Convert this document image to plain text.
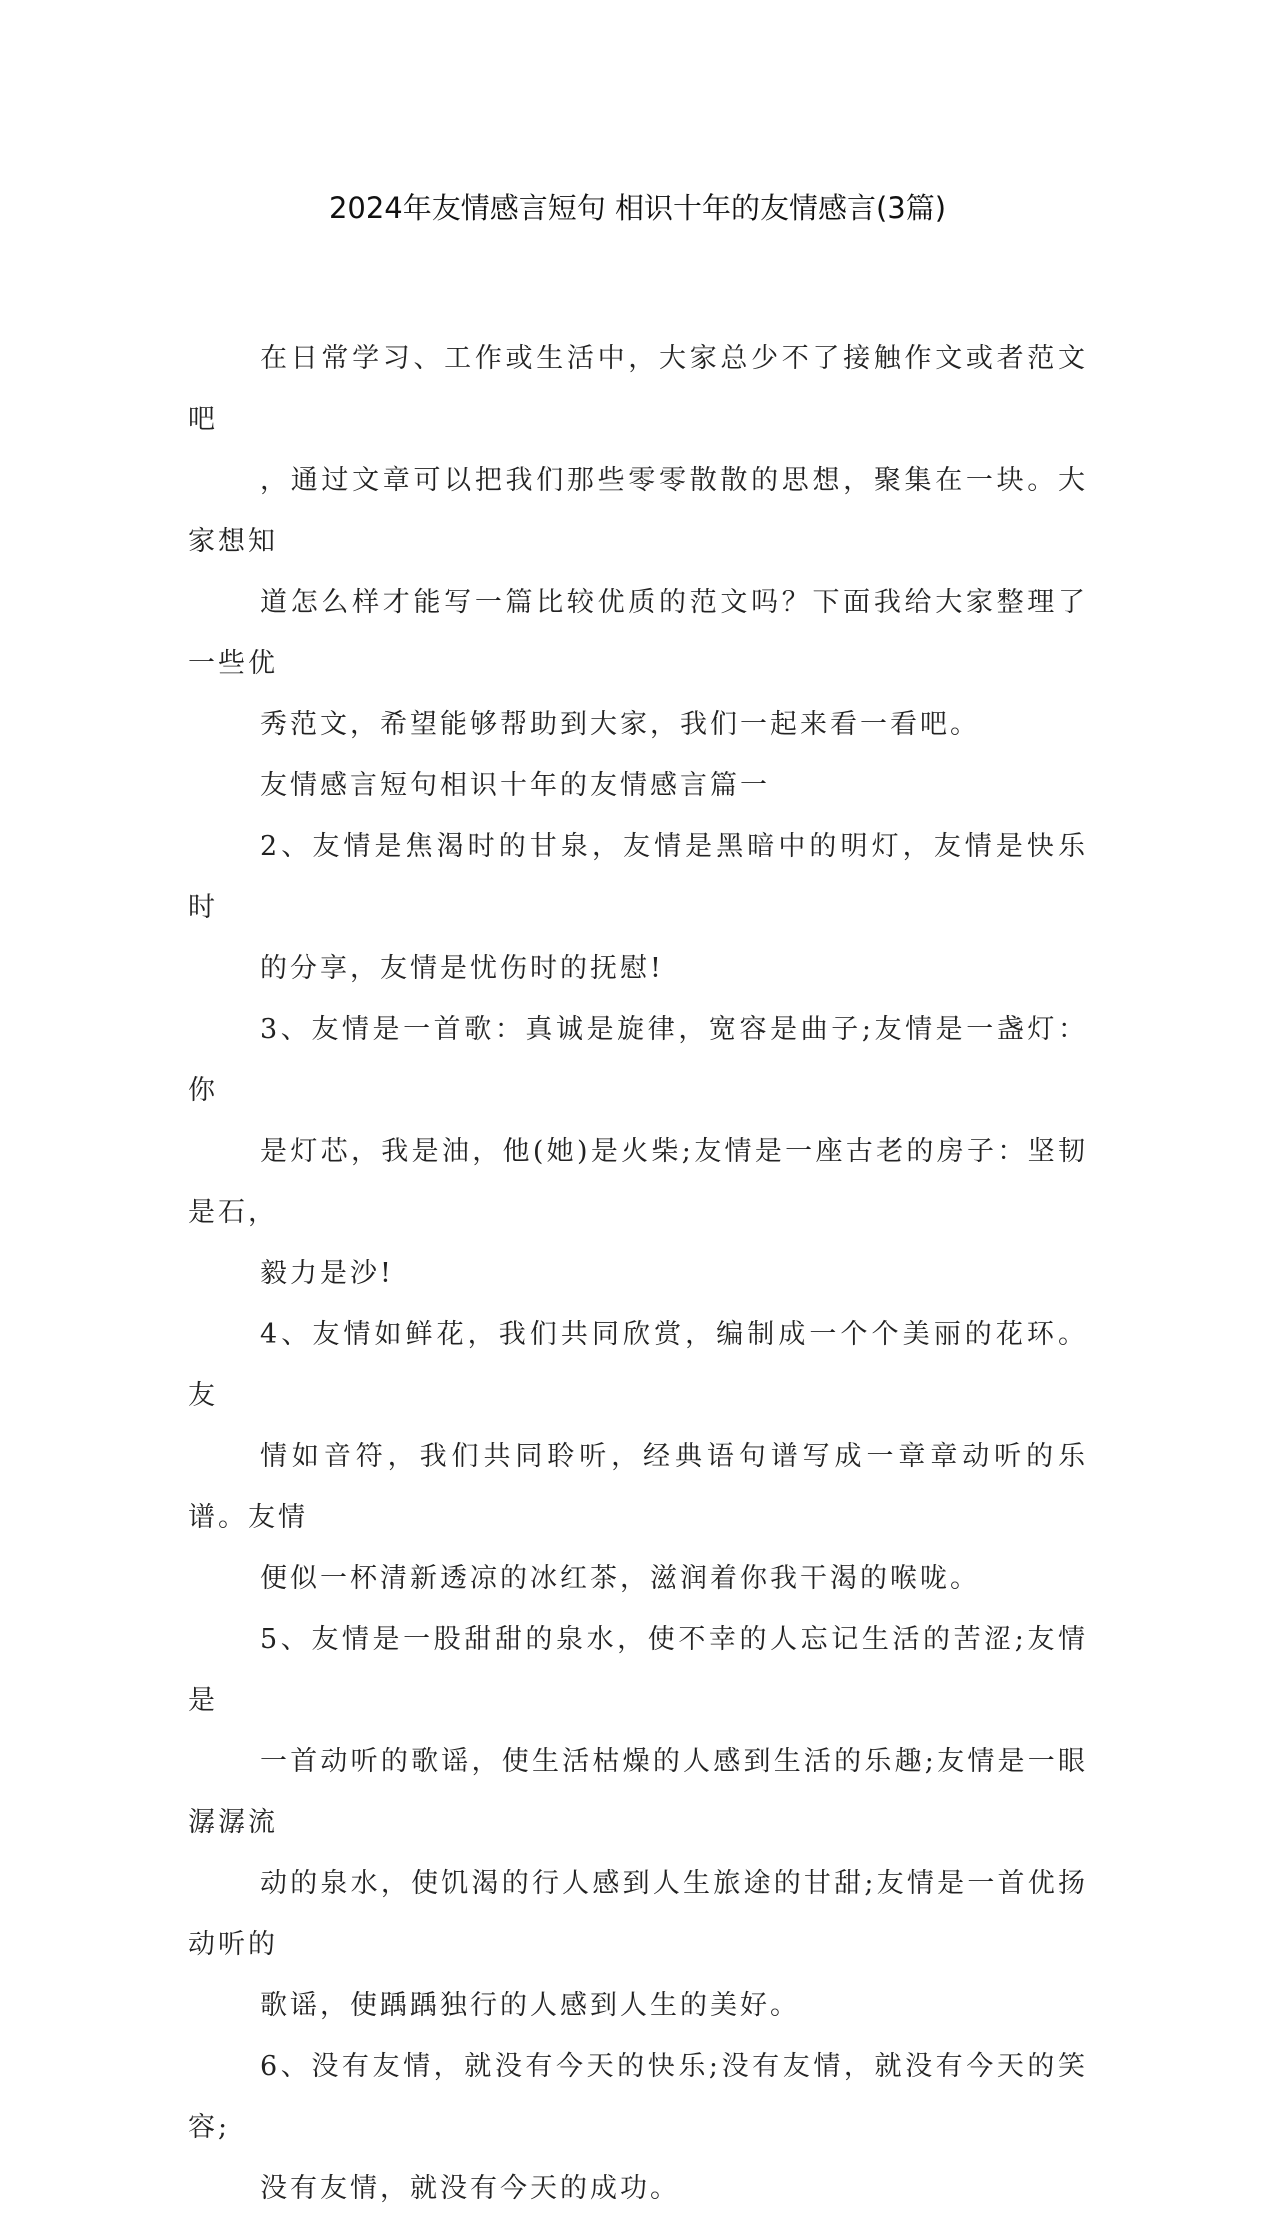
2024年友情感言短句 相识十年的友情感言(3篇)

在日常学习、工作或生活中，大家总少不了接触作文或者范文吧
，通过文章可以把我们那些零零散散的思想，聚集在一块。大家想知
道怎么样才能写一篇比较优质的范文吗？下面我给大家整理了一些优
秀范文，希望能够帮助到大家，我们一起来看一看吧。

友情感言短句相识十年的友情感言篇一

2、友情是焦渴时的甘泉，友情是黑暗中的明灯，友情是快乐时
的分享，友情是忧伤时的抚慰!

3、友情是一首歌：真诚是旋律，宽容是曲子;友情是一盏灯：你
是灯芯，我是油，他(她)是火柴;友情是一座古老的房子：坚韧是石，
毅力是沙!

4、友情如鲜花，我们共同欣赏，编制成一个个美丽的花环。友
情如音符，我们共同聆听，经典语句谱写成一章章动听的乐谱。友情
便似一杯清新透凉的冰红茶，滋润着你我干渴的喉咙。

5、友情是一股甜甜的泉水，使不幸的人忘记生活的苦涩;友情是
一首动听的歌谣，使生活枯燥的人感到生活的乐趣;友情是一眼潺潺流
动的泉水，使饥渴的行人感到人生旅途的甘甜;友情是一首优扬动听的
歌谣，使踽踽独行的人感到人生的美好。

6、没有友情，就没有今天的快乐;没有友情，就没有今天的笑容;
没有友情，就没有今天的成功。
